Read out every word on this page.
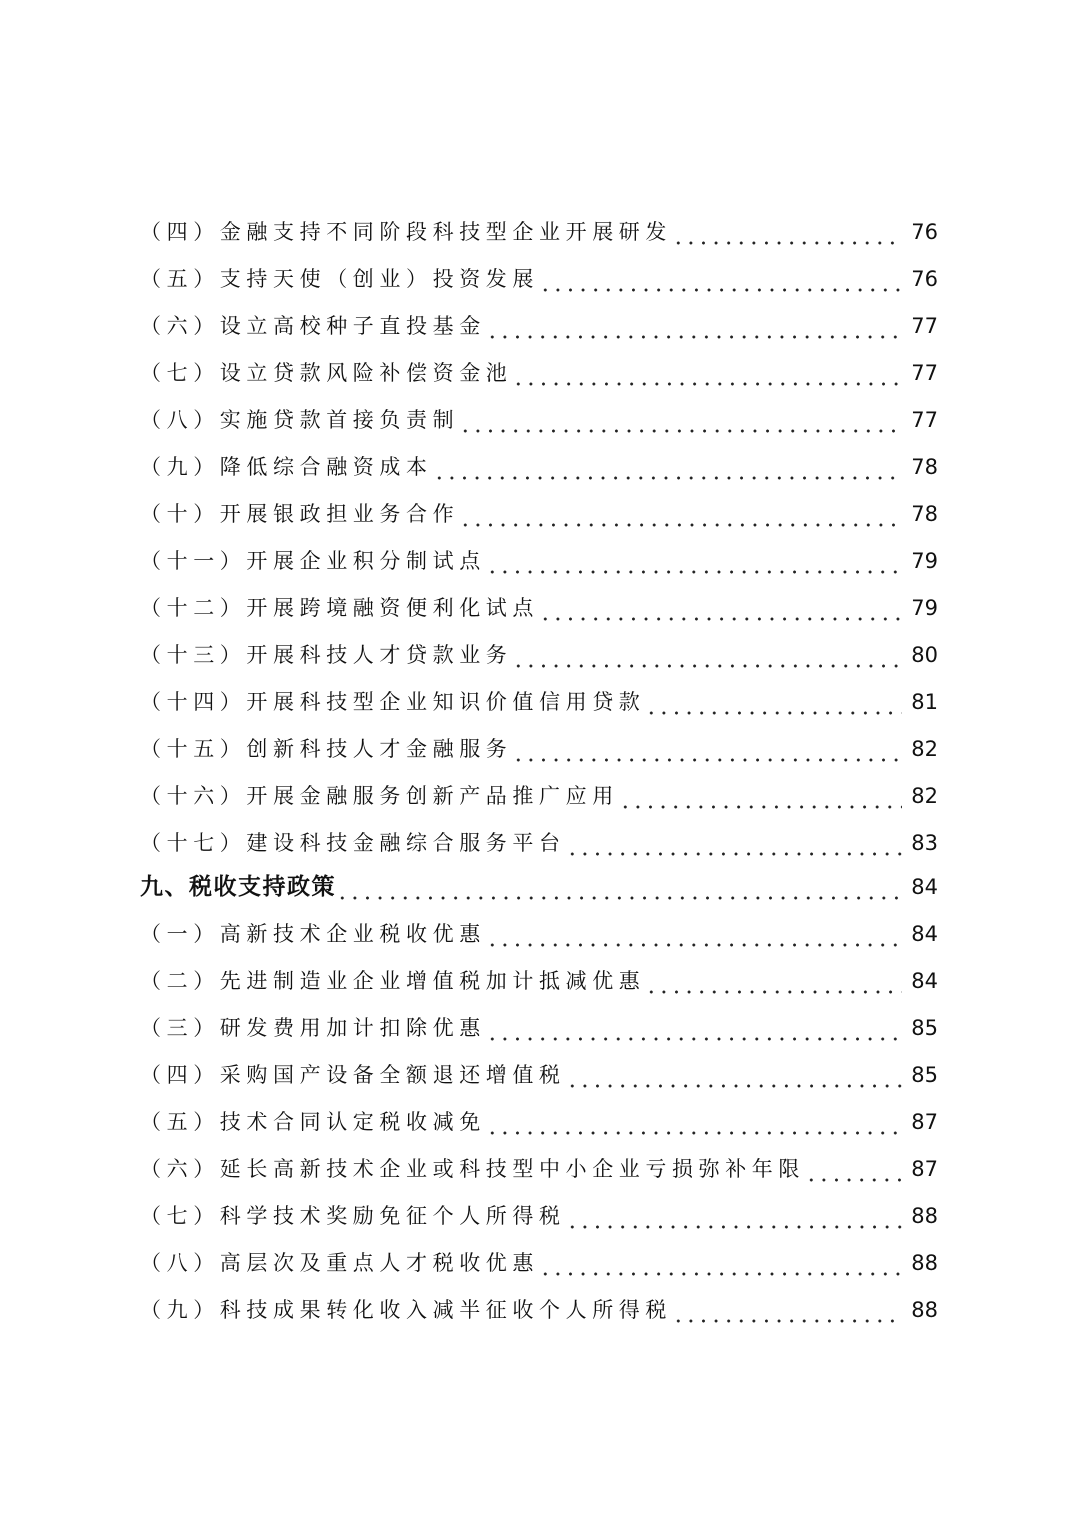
（四）金融支持不同阶段科技型企业开展研发	76
（五）支持天使（创业）投资发展	76
（六）设立高校种子直投基金	77
（七）设立贷款风险补偿资金池	77
（八）实施贷款首接负责制	77
（九）降低综合融资成本	78
（十）开展银政担业务合作	78
（十一）开展企业积分制试点	79
（十二）开展跨境融资便利化试点	79
（十三）开展科技人才贷款业务	80
（十四）开展科技型企业知识价值信用贷款	81
（十五）创新科技人才金融服务	82
（十六）开展金融服务创新产品推广应用	82
（十七）建设科技金融综合服务平台	83
九、税收支持政策	84
（一）高新技术企业税收优惠	84
（二）先进制造业企业增值税加计抵减优惠	84
（三）研发费用加计扣除优惠	85
（四）采购国产设备全额退还增值税	85
（五）技术合同认定税收减免	87
（六）延长高新技术企业或科技型中小企业亏损弥补年限	87
（七）科学技术奖励免征个人所得税	88
（八）高层次及重点人才税收优惠	88
（九）科技成果转化收入减半征收个人所得税	88
